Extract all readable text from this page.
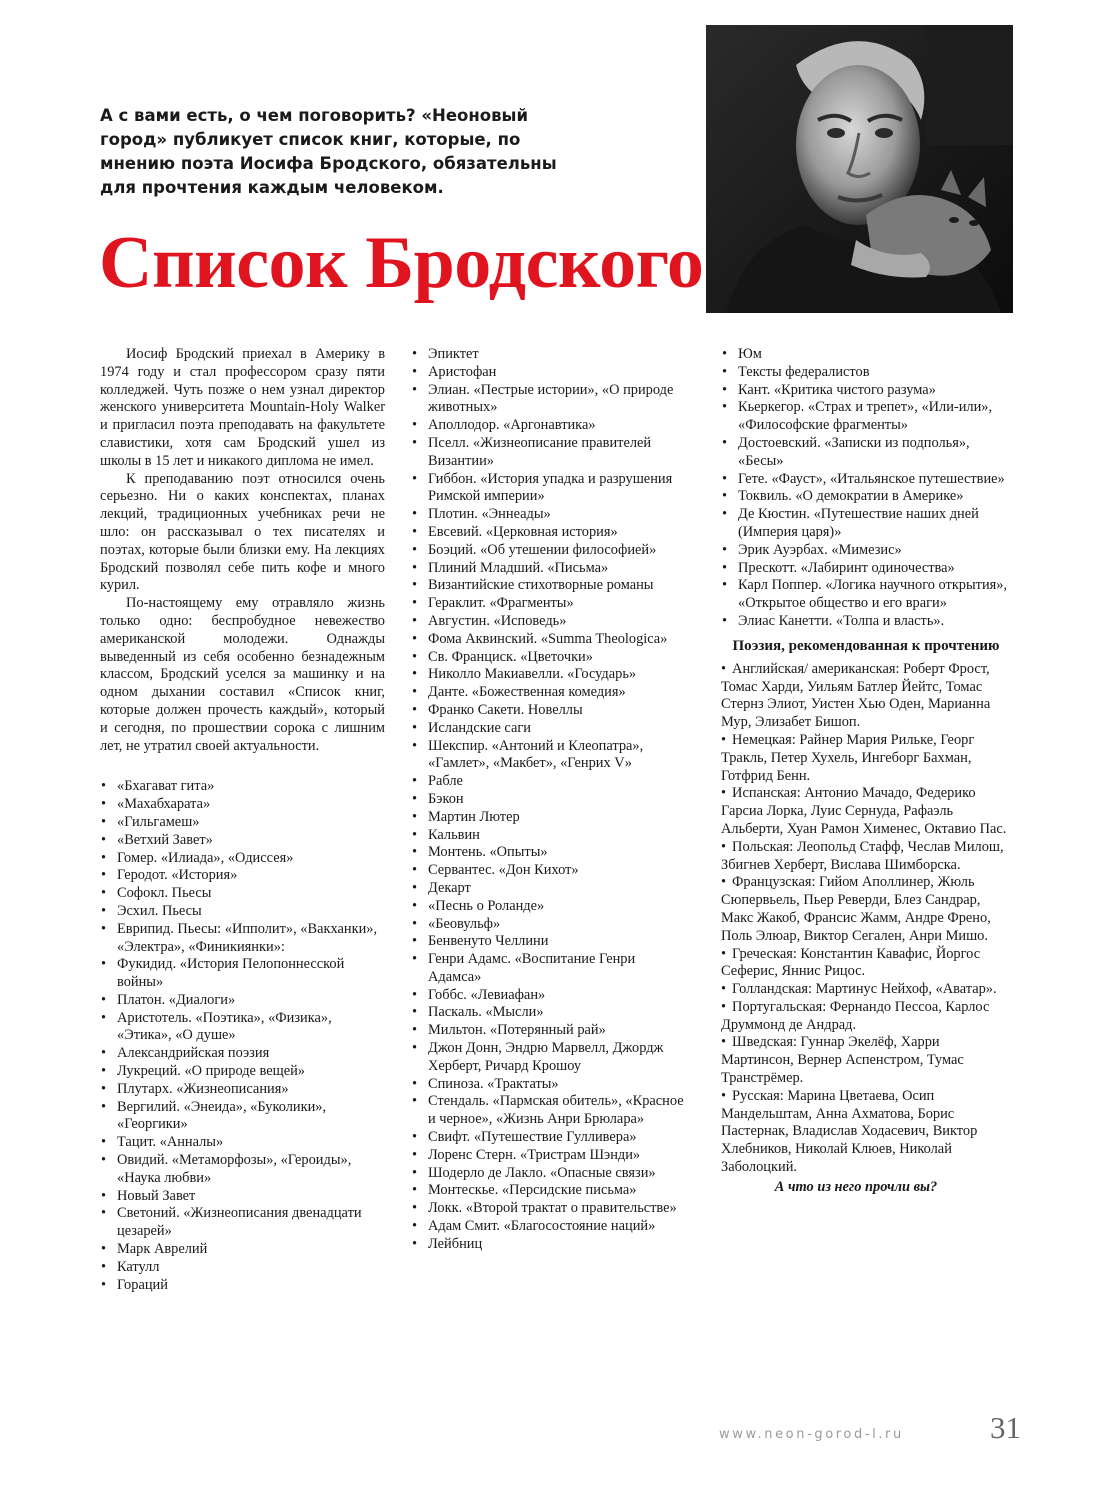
А с вами есть, о чем поговорить? «Неоновый город» публикует список книг, которые, по мнению поэта Иосифа Бродского, обязательны для прочтения каждым человеком.
Список Бродского

Иосиф Бродский приехал в Америку в 1974 году и стал профессором сразу пяти колледжей. Чуть позже о нем узнал директор женского университета Mountain-Holy Walker и пригласил поэта преподавать на факультете славистики, хотя сам Бродский ушел из школы в 15 лет и никакого диплома не имел.

К преподаванию поэт относился очень серьезно. Ни о каких конспектах, планах лекций, традиционных учебниках речи не шло: он рассказывал о тех писателях и поэтах, которые были близки ему. На лекциях Бродский позволял себе пить кофе и много курил.

По-настоящему ему отравляло жизнь только одно: беспробудное невежество американской молодежи. Однажды выведенный из себя особенно безнадежным классом, Бродский уселся за машинку и на одном дыхании составил «Список книг, которые должен прочесть каждый», который и сегодня, по прошествии сорока с лишним лет, не утратил своей актуальности.

• «Бхагават гита»
• «Махабхарата»
• «Гильгамеш»
• «Ветхий Завет»
• Гомер. «Илиада», «Одиссея»
• Геродот. «История»
• Софокл. Пьесы
• Эсхил. Пьесы
• Еврипид. Пьесы: «Ипполит», «Вакханки», «Электра», «Финикиянки»:
• Фукидид. «История Пелопоннесской войны»
• Платон. «Диалоги»
• Аристотель. «Поэтика», «Физика», «Этика», «О душе»
• Александрийская поэзия
• Лукреций. «О природе вещей»
• Плутарх. «Жизнеописания»
• Вергилий. «Энеида», «Буколики», «Георгики»
• Тацит. «Анналы»
• Овидий. «Метаморфозы», «Героиды», «Наука любви»
• Новый Завет
• Светоний. «Жизнеописания двенадцати цезарей»
• Марк Аврелий
• Катулл
• Гораций
• Эпиктет
• Аристофан
• Элиан. «Пестрые истории», «О природе животных»
• Аполлодор. «Аргонавтика»
• Пселл. «Жизнеописание правителей Византии»
• Гиббон. «История упадка и разрушения Римской империи»
• Плотин. «Эннеады»
• Евсевий. «Церковная история»
• Боэций. «Об утешении философией»
• Плиний Младший. «Письма»
• Византийские стихотворные романы
• Гераклит. «Фрагменты»
• Августин. «Исповедь»
• Фома Аквинский. «Summa Theologica»
• Св. Франциск. «Цветочки»
• Николло Макиавелли. «Государь»
• Данте. «Божественная комедия»
• Франко Сакети. Новеллы
• Исландские саги
• Шекспир. «Антоний и Клеопатра», «Гамлет», «Макбет», «Генрих V»
• Рабле
• Бэкон
• Мартин Лютер
• Кальвин
• Монтень. «Опыты»
• Сервантес. «Дон Кихот»
• Декарт
• «Песнь о Роланде»
• «Беовульф»
• Бенвенуто Челлини
• Генри Адамс. «Воспитание Генри Адамса»
• Гоббс. «Левиафан»
• Паскаль. «Мысли»
• Мильтон. «Потерянный рай»
• Джон Донн, Эндрю Марвелл, Джордж Херберт, Ричард Крошоу
• Спиноза. «Трактаты»
• Стендаль. «Пармская обитель», «Красное и черное», «Жизнь Анри Брюлара»
• Свифт. «Путешествие Гулливера»
• Лоренс Стерн. «Тристрам Шэнди»
• Шодерло де Лакло. «Опасные связи»
• Монтескье. «Персидские письма»
• Локк. «Второй трактат о правительстве»
• Адам Смит. «Благосостояние наций»
• Лейбниц
• Юм
• Тексты федералистов
• Кант. «Критика чистого разума»
• Кьеркегор. «Страх и трепет», «Или-или», «Философские фрагменты»
• Достоевский. «Записки из подполья», «Бесы»
• Гете. «Фауст», «Итальянское путешествие»
• Токвиль. «О демократии в Америке»
• Де Кюстин. «Путешествие наших дней (Империя царя)»
• Эрик Ауэрбах. «Мимезис»
• Прескотт. «Лабиринт одиночества»
• Карл Поппер. «Логика научного открытия», «Открытое общество и его враги»
• Элиас Канетти. «Толпа и власть».
Поэзия, рекомендованная к прочтению
• Английская/ американская: Роберт Фрост, Томас Харди, Уильям Батлер Йейтс, Томас Стернз Элиот, Уистен Хью Оден, Марианна Мур, Элизабет Бишоп.
• Немецкая: Райнер Мария Рильке, Георг Тракль, Петер Хухель, Ингеборг Бахман, Готфрид Бенн.
• Испанская: Антонио Мачадо, Федерико Гарсиа Лорка, Луис Сернуда, Рафаэль Альберти, Хуан Рамон Хименес, Октавио Пас.
• Польская: Леопольд Стафф, Чеслав Милош, Збигнев Херберт, Вислава Шимборска.
• Французская: Гийом Аполлинер, Жюль Сюпервьель, Пьер Реверди, Блез Сандрар, Макс Жакоб, Франсис Жамм, Андре Френо, Поль Элюар, Виктор Сегален, Анри Мишо.
• Греческая: Константин Кавафис, Йоргос Сеферис, Яннис Рицос.
• Голландская: Мартинус Нейхоф, «Аватар».
• Португальская: Фернандо Пессоа, Карлос Друммонд де Андрад.
• Шведская: Гуннар Экелёф, Харри Мартинсон, Вернер Аспенстром, Тумас Транстрёмер.
• Русская: Марина Цветаева, Осип Мандельштам, Анна Ахматова, Борис Пастернак, Владислав Ходасевич, Виктор Хлебников, Николай Клюев, Николай Заболоцкий.
А что из него прочли вы?
www.neon-gorod-l.ru	31
